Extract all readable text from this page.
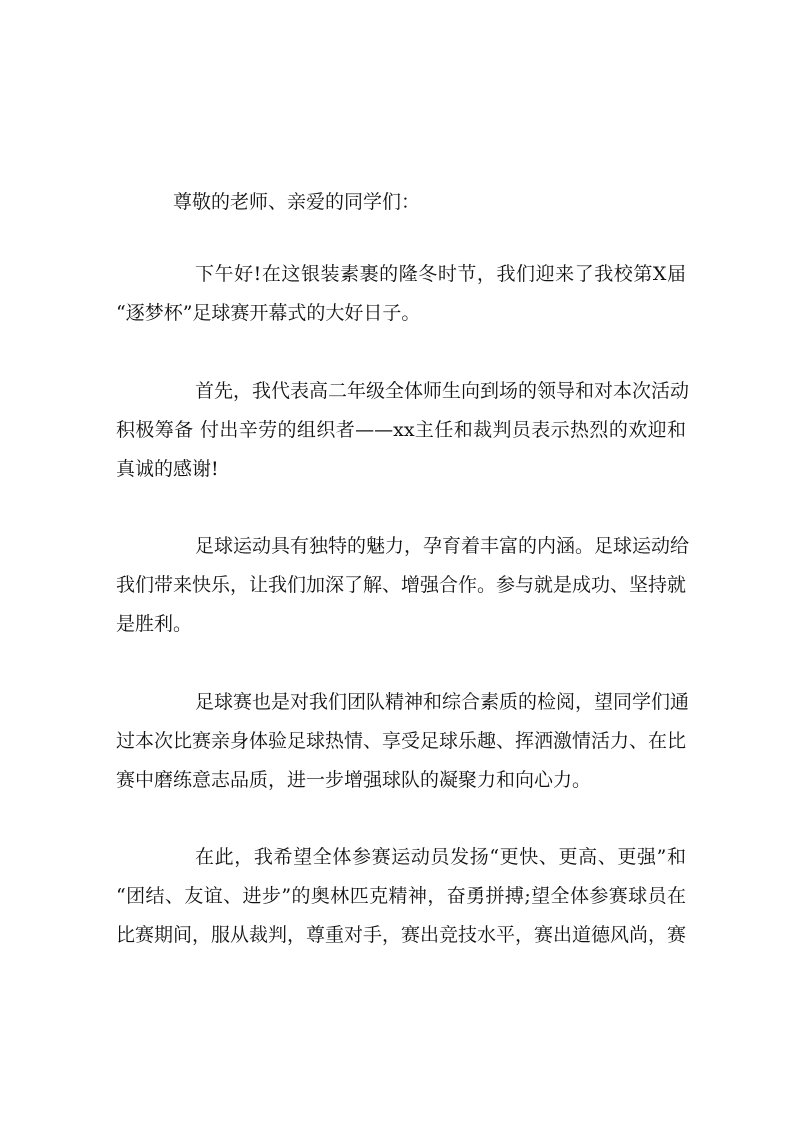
尊敬的老师、亲爱的同学们：
下午好!在这银装素裹的隆冬时节，我们迎来了我校第X届
“逐梦杯”足球赛开幕式的大好日子。
首先，我代表高二年级全体师生向到场的领导和对本次活动
积极筹备 付出辛劳的组织者——xx主任和裁判员表示热烈的欢迎和
真诚的感谢!
足球运动具有独特的魅力，孕育着丰富的内涵。足球运动给
我们带来快乐，让我们加深了解、增强合作。参与就是成功、坚持就
是胜利。
足球赛也是对我们团队精神和综合素质的检阅，望同学们通
过本次比赛亲身体验足球热情、享受足球乐趣、挥洒激情活力、在比
赛中磨练意志品质，进一步增强球队的凝聚力和向心力。
在此，我希望全体参赛运动员发扬“更快、更高、更强”和
“团结、友谊、进步”的奥林匹克精神，奋勇拼搏;望全体参赛球员在
比赛期间，服从裁判，尊重对手，赛出竞技水平，赛出道德风尚，赛
